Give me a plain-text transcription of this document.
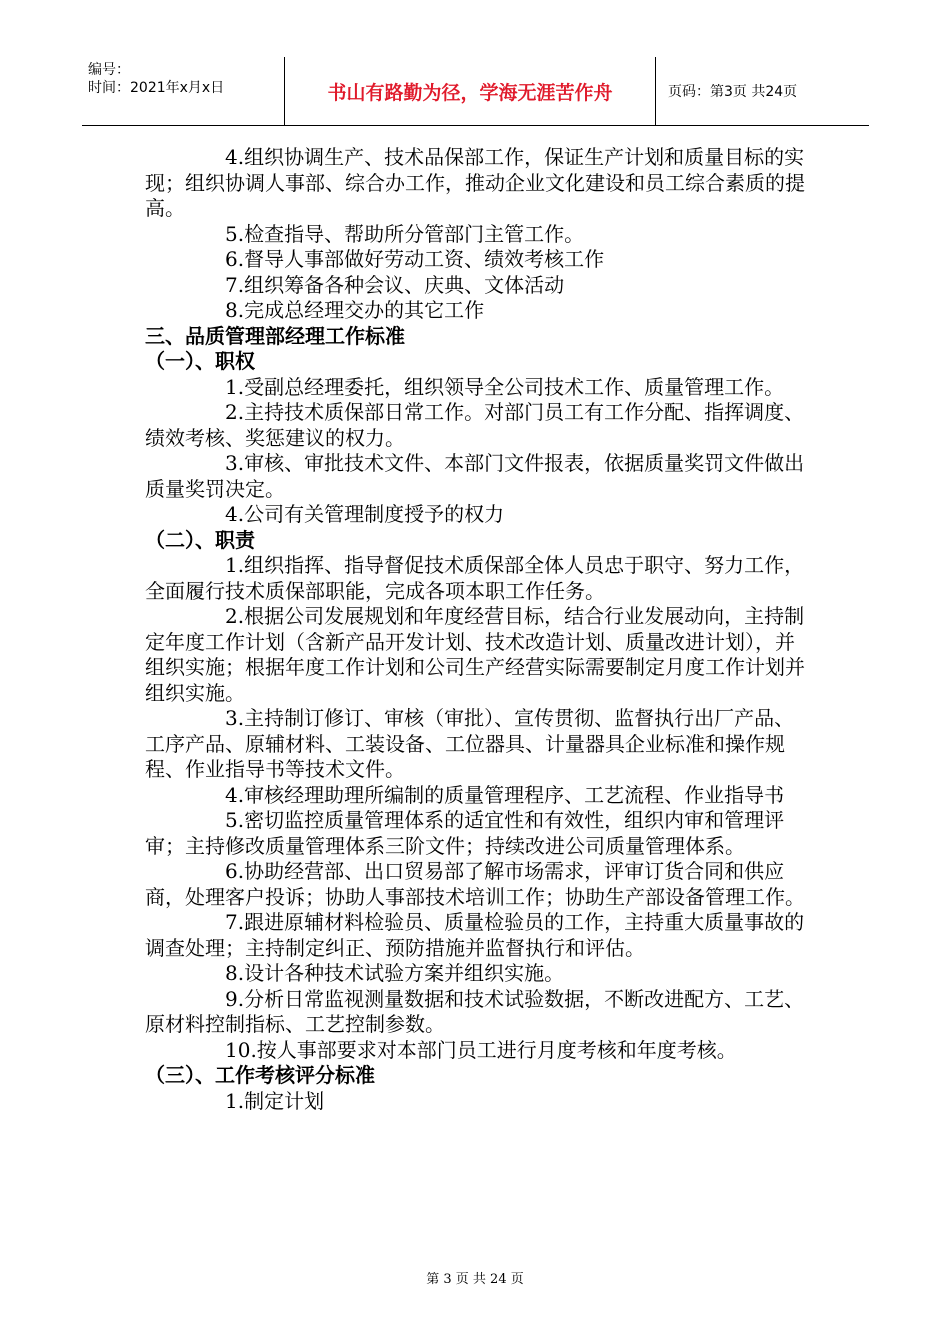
编号：
时间：2021年x月x日	书山有路勤为径，学海无涯苦作舟	页码：第3页 共24页

4.组织协调生产、技术品保部工作，保证生产计划和质量目标的实现；组织协调人事部、综合办工作，推动企业文化建设和员工综合素质的提高。

5.检查指导、帮助所分管部门主管工作。

6.督导人事部做好劳动工资、绩效考核工作

7.组织筹备各种会议、庆典、文体活动

8.完成总经理交办的其它工作

三、品质管理部经理工作标准

（一）、职权

1.受副总经理委托，组织领导全公司技术工作、质量管理工作。

2.主持技术质保部日常工作。对部门员工有工作分配、指挥调度、绩效考核、奖惩建议的权力。

3.审核、审批技术文件、本部门文件报表，依据质量奖罚文件做出质量奖罚决定。

4.公司有关管理制度授予的权力

（二）、职责

1.组织指挥、指导督促技术质保部全体人员忠于职守、努力工作，全面履行技术质保部职能，完成各项本职工作任务。

2.根据公司发展规划和年度经营目标，结合行业发展动向，主持制定年度工作计划（含新产品开发计划、技术改造计划、质量改进计划），并组织实施；根据年度工作计划和公司生产经营实际需要制定月度工作计划并组织实施。

3.主持制订修订、审核（审批）、宣传贯彻、监督执行出厂产品、工序产品、原辅材料、工装设备、工位器具、计量器具企业标准和操作规程、作业指导书等技术文件。

4.审核经理助理所编制的质量管理程序、工艺流程、作业指导书

5.密切监控质量管理体系的适宜性和有效性，组织内审和管理评审；主持修改质量管理体系三阶文件；持续改进公司质量管理体系。

6.协助经营部、出口贸易部了解市场需求，评审订货合同和供应商，处理客户投诉；协助人事部技术培训工作；协助生产部设备管理工作。

7.跟进原辅材料检验员、质量检验员的工作，主持重大质量事故的调查处理；主持制定纠正、预防措施并监督执行和评估。

8.设计各种技术试验方案并组织实施。

9.分析日常监视测量数据和技术试验数据，不断改进配方、工艺、原材料控制指标、工艺控制参数。

10.按人事部要求对本部门员工进行月度考核和年度考核。

（三）、工作考核评分标准

1.制定计划

第 3 页 共 24 页
